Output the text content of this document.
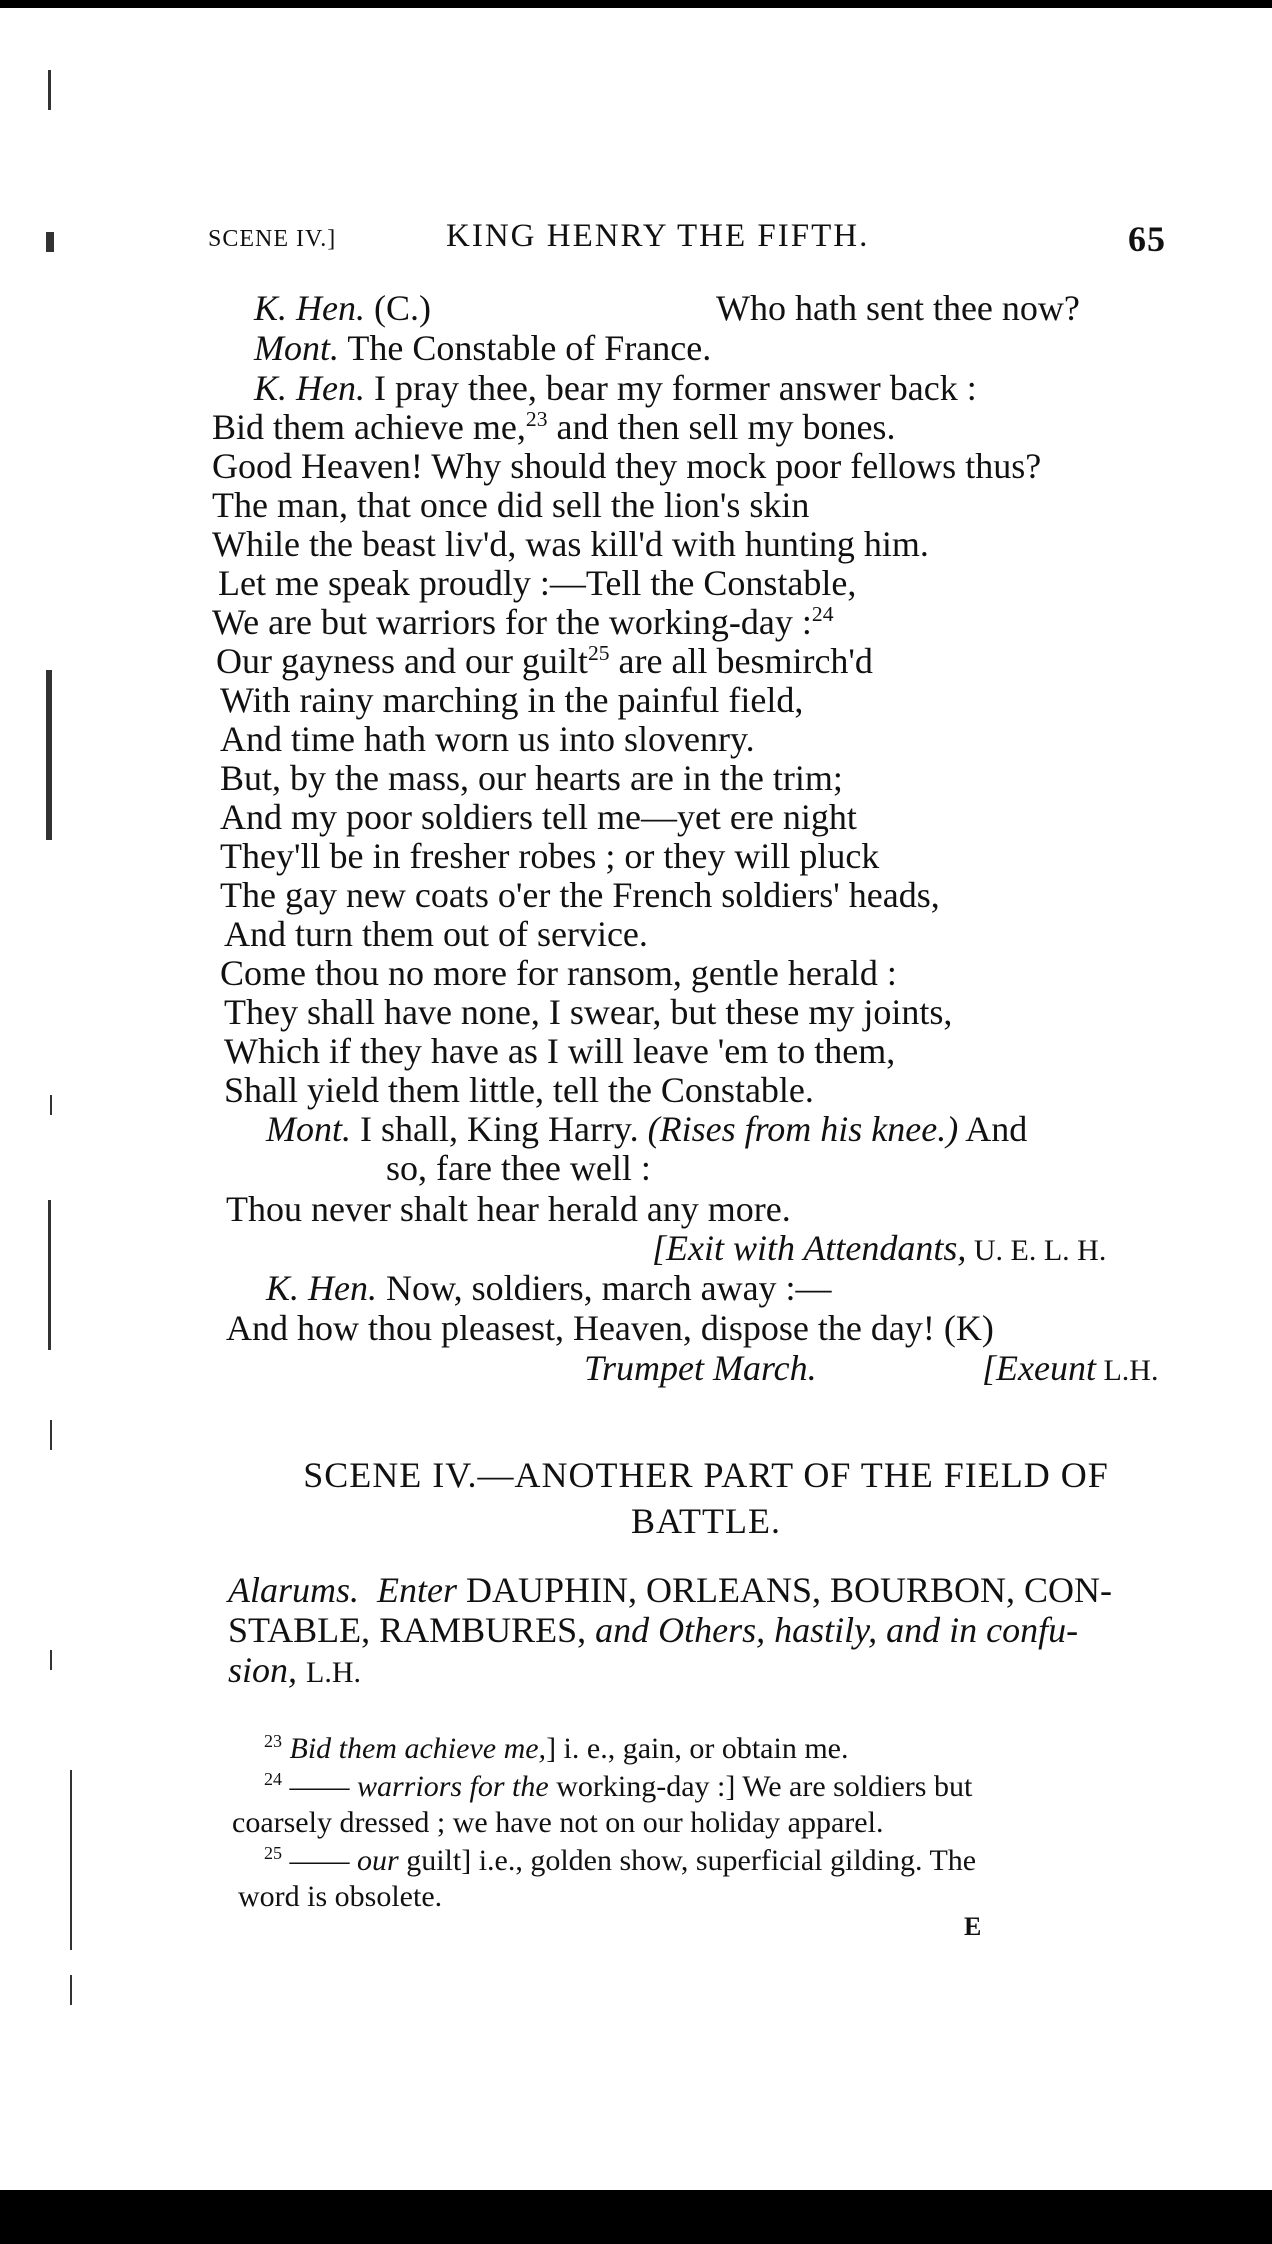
SCENE IV.]	KING HENRY THE FIFTH.	65
K. Hen. (C.)	Who hath sent thee now?
Mont. The Constable of France.
K. Hen. I pray thee, bear my former answer back :
Bid them achieve me,$^{23}$ and then sell my bones.
Good Heaven! Why should they mock poor fellows thus?
The man, that once did sell the lion's skin
While the beast liv'd, was kill'd with hunting him.
Let me speak proudly :—Tell the Constable,
We are but warriors for the working-day :$^{24}$
Our gayness and our guilt$^{25}$ are all besmirch'd
With rainy marching in the painful field,
And time hath worn us into slovenry.
But, by the mass, our hearts are in the trim;
And my poor soldiers tell me—yet ere night
They'll be in fresher robes ; or they will pluck
The gay new coats o'er the French soldiers' heads,
And turn them out of service.
Come thou no more for ransom, gentle herald :
They shall have none, I swear, but these my joints,
Which if they have as I will leave 'em to them,
Shall yield them little, tell the Constable.
Mont. I shall, King Harry. (Rises from his knee.) And
so, fare thee well :
Thou never shalt hear herald any more.
[Exit with Attendants, U. E. L. H.
K. Hen. Now, soldiers, march away :—
And how thou pleasest, Heaven, dispose the day! (K)
Trumpet March.	[Exeunt L.H.
SCENE IV.—ANOTHER PART OF THE FIELD OF
BATTLE.
Alarums. Enter DAUPHIN, ORLEANS, BOURBON, CON-
STABLE, RAMBURES, and Others, hastily, and in confu-
sion, L.H.
$^{23}$ Bid them achieve me,] i. e., gain, or obtain me.
$^{24}$ —— warriors for the working-day :] We are soldiers but
coarsely dressed ; we have not on our holiday apparel.
$^{25}$ —— our guilt] i.e., golden show, superficial gilding. The
word is obsolete.
E
